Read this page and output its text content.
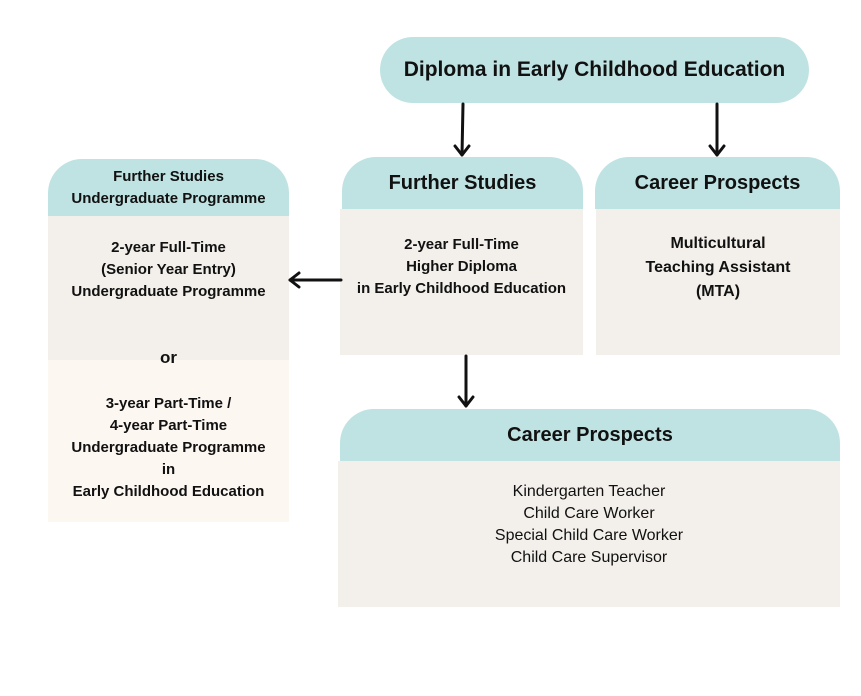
Diploma in Early Childhood Education
Further Studies
Undergraduate Programme
2-year Full-Time
(Senior Year Entry)
Undergraduate Programme
3-year Part-Time /
4-year Part-Time
Undergraduate Programme
in
Early Childhood Education
or
Further Studies
2-year Full-Time
Higher Diploma
in Early Childhood Education
Career Prospects
Multicultural
Teaching Assistant
(MTA)
Career Prospects
Kindergarten Teacher
Child Care Worker
Special Child Care Worker
Child Care Supervisor
